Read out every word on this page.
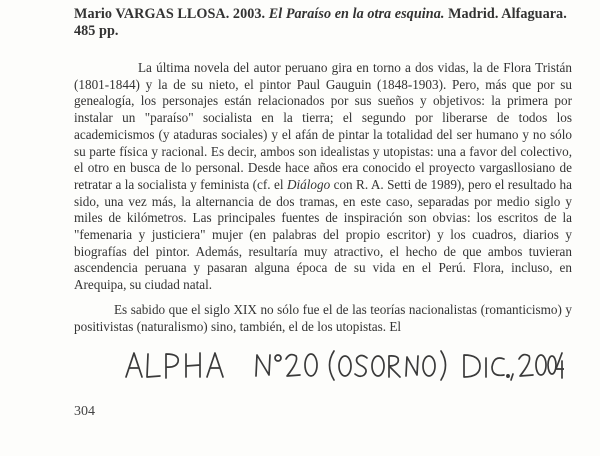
Mario VARGAS LLOSA. 2003. El Paraíso en la otra esquina. Madrid. Alfaguara.
485 pp.

La última novela del autor peruano gira en torno a dos vidas, la de Flora Tristán (1801-1844) y la de su nieto, el pintor Paul Gauguin (1848-1903). Pero, más que por su genealogía, los personajes están relacionados por sus sueños y objetivos: la primera por instalar un "paraíso" socialista en la tierra; el segundo por liberarse de todos los academicismos (y ataduras sociales) y el afán de pintar la totalidad del ser humano y no sólo su parte física y racional. Es decir, ambos son idealistas y utopistas: una a favor del colectivo, el otro en busca de lo personal. Desde hace años era conocido el proyecto vargasllosiano de retratar a la socialista y feminista (cf. el Diálogo con R. A. Setti de 1989), pero el resultado ha sido, una vez más, la alternancia de dos tramas, en este caso, separadas por medio siglo y miles de kilómetros. Las principales fuentes de inspiración son obvias: los escritos de la "femenaria y justiciera" mujer (en palabras del propio escritor) y los cuadros, diarios y biografías del pintor. Además, resultaría muy atractivo, el hecho de que ambos tuvieran ascendencia peruana y pasaran alguna época de su vida en el Perú. Flora, incluso, en Arequipa, su ciudad natal.

Es sabido que el siglo XIX no sólo fue el de las teorías nacionalistas (romanticismo) y positivistas (naturalismo) sino, también, el de los utopistas. El

304
